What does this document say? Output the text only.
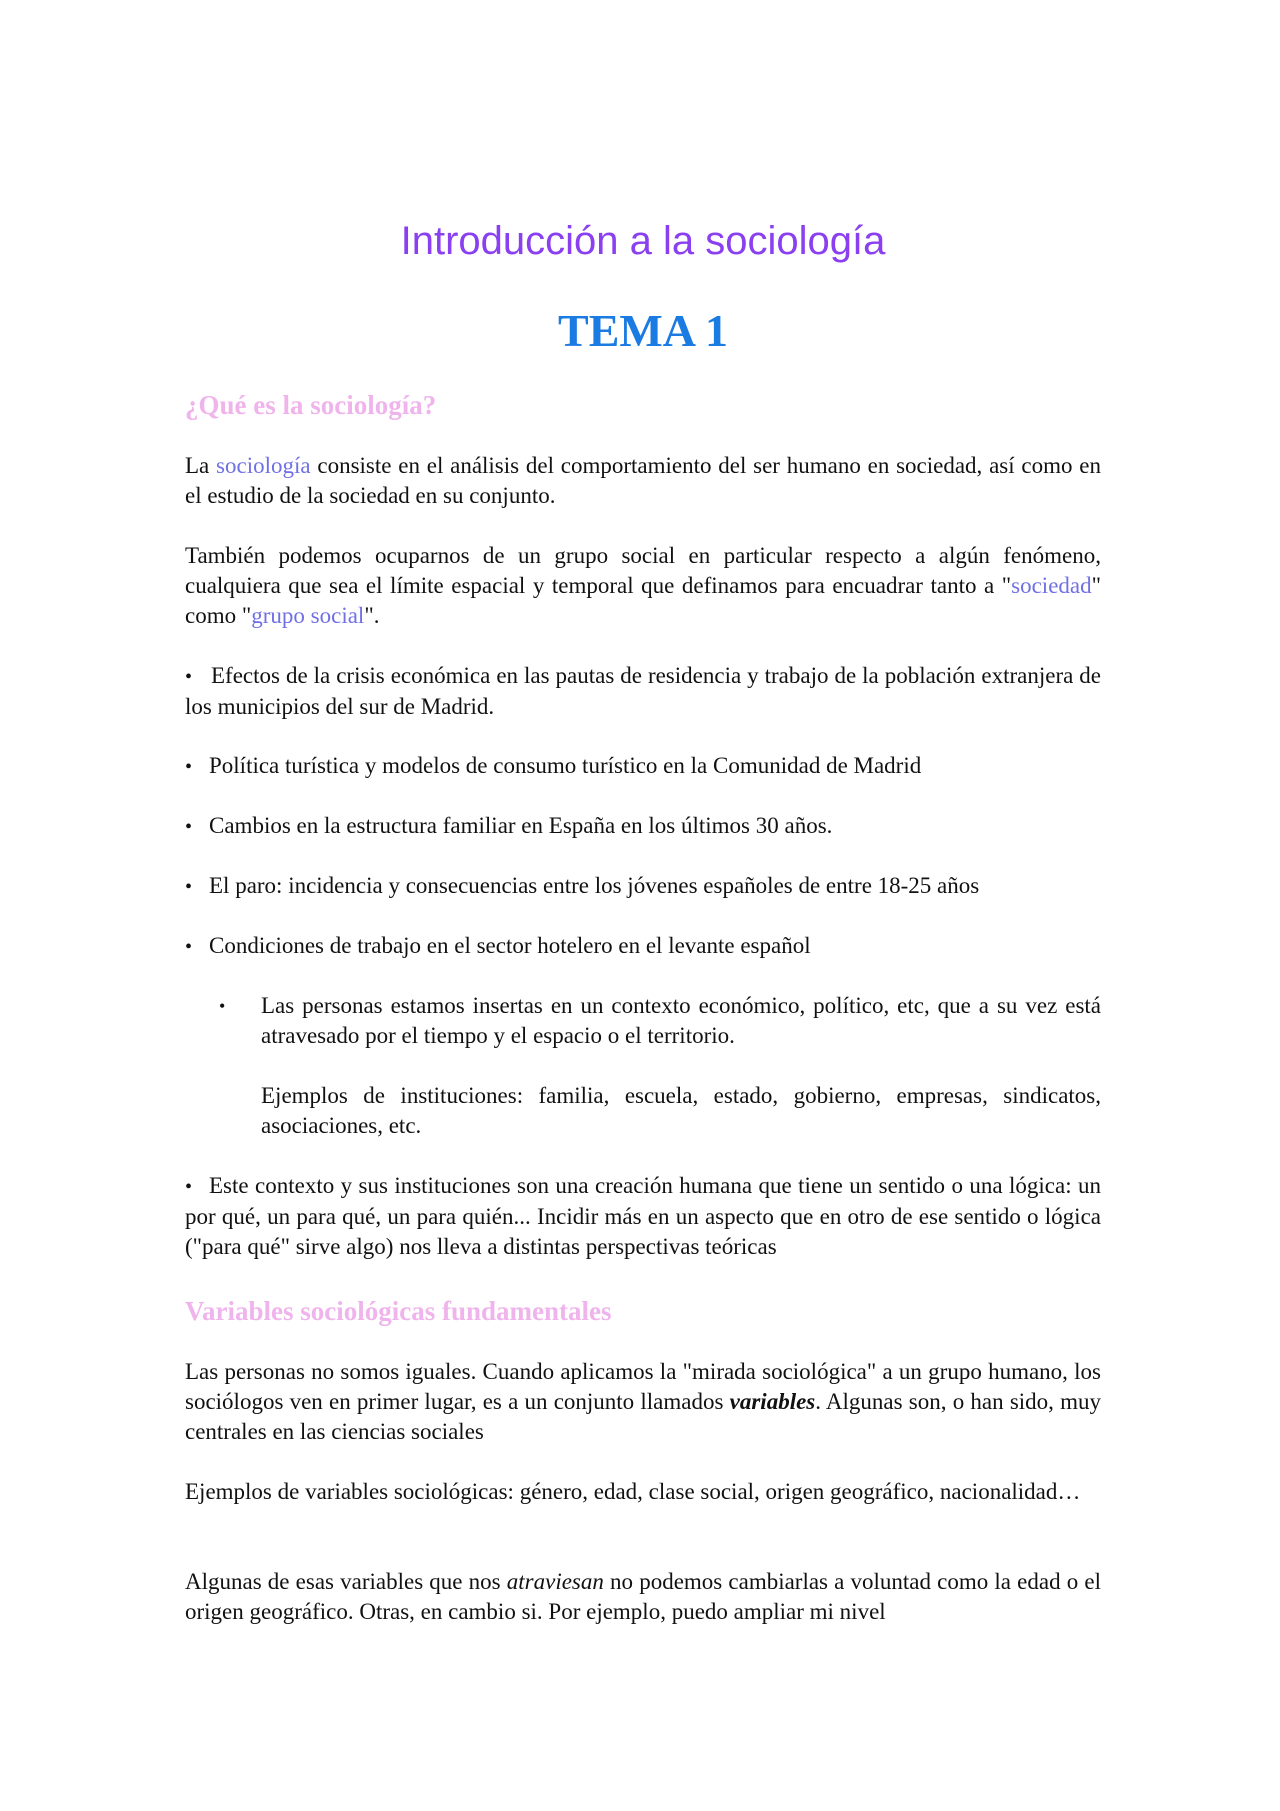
Introducción a la sociología
TEMA 1
¿Qué es la sociología?

La sociología consiste en el análisis del comportamiento del ser humano en sociedad, así como en el estudio de la sociedad en su conjunto.

También podemos ocuparnos de un grupo social en particular respecto a algún fenómeno, cualquiera que sea el límite espacial y temporal que definamos para encuadrar tanto a "sociedad" como "grupo social".

• Efectos de la crisis económica en las pautas de residencia y trabajo de la población extranjera de los municipios del sur de Madrid.

• Política turística y modelos de consumo turístico en la Comunidad de Madrid

• Cambios en la estructura familiar en España en los últimos 30 años.

• El paro: incidencia y consecuencias entre los jóvenes españoles de entre 18-25 años

• Condiciones de trabajo en el sector hotelero en el levante español

• Las personas estamos insertas en un contexto económico, político, etc, que a su vez está atravesado por el tiempo y el espacio o el territorio.

Ejemplos de instituciones: familia, escuela, estado, gobierno, empresas, sindicatos, asociaciones, etc.

• Este contexto y sus instituciones son una creación humana que tiene un sentido o una lógica: un por qué, un para qué, un para quién... Incidir más en un aspecto que en otro de ese sentido o lógica ("para qué" sirve algo) nos lleva a distintas perspectivas teóricas

Variables sociológicas fundamentales

Las personas no somos iguales. Cuando aplicamos la "mirada sociológica" a un grupo humano, los sociólogos ven en primer lugar, es a un conjunto llamados variables. Algunas son, o han sido, muy centrales en las ciencias sociales

Ejemplos de variables sociológicas: género, edad, clase social, origen geográfico, nacionalidad…

Algunas de esas variables que nos atraviesan no podemos cambiarlas a voluntad como la edad o el origen geográfico. Otras, en cambio si. Por ejemplo, puedo ampliar mi nivel
